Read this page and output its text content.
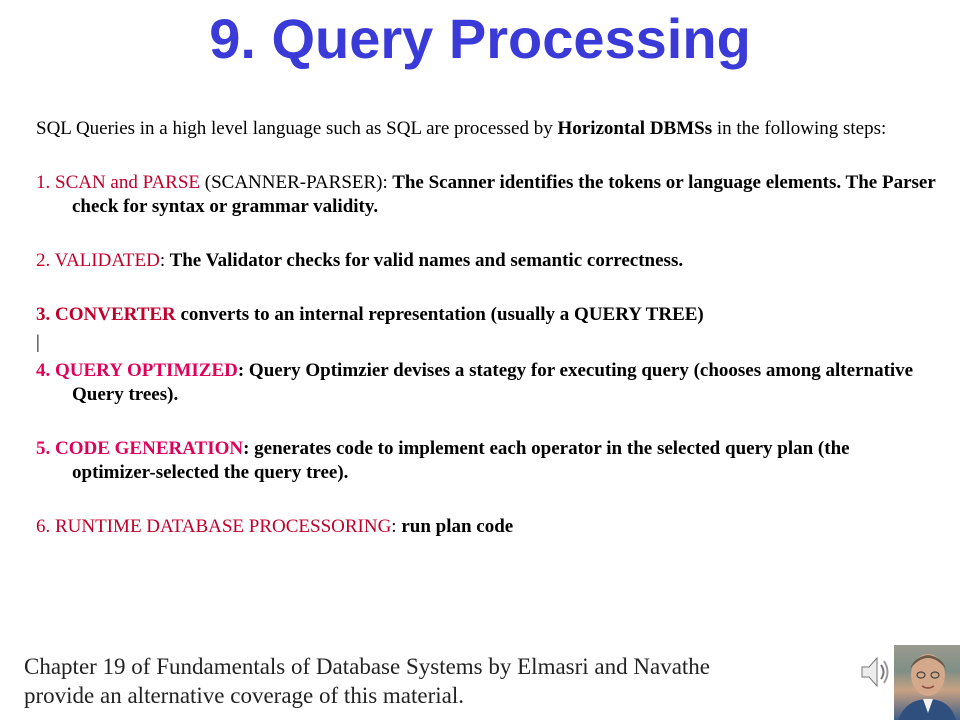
9. Query Processing

SQL Queries in a high level language such as SQL are processed by Horizontal DBMSs in the following steps:

1. SCAN and PARSE (SCANNER-PARSER): The Scanner identifies the tokens or language elements. The Parser check for syntax or grammar validity.

2. VALIDATED: The Validator checks for valid names and semantic correctness.

3. CONVERTER converts to an internal representation (usually a QUERY TREE)

|

4. QUERY OPTIMIZED: Query Optimzier devises a stategy for executing query (chooses among alternative Query trees).

5. CODE GENERATION: generates code to implement each operator in the selected query plan (the optimizer-selected the query tree).

6. RUNTIME DATABASE PROCESSORING: run plan code

Chapter 19 of Fundamentals of Database Systems by Elmasri and Navathe
provide an alternative coverage of this material.
